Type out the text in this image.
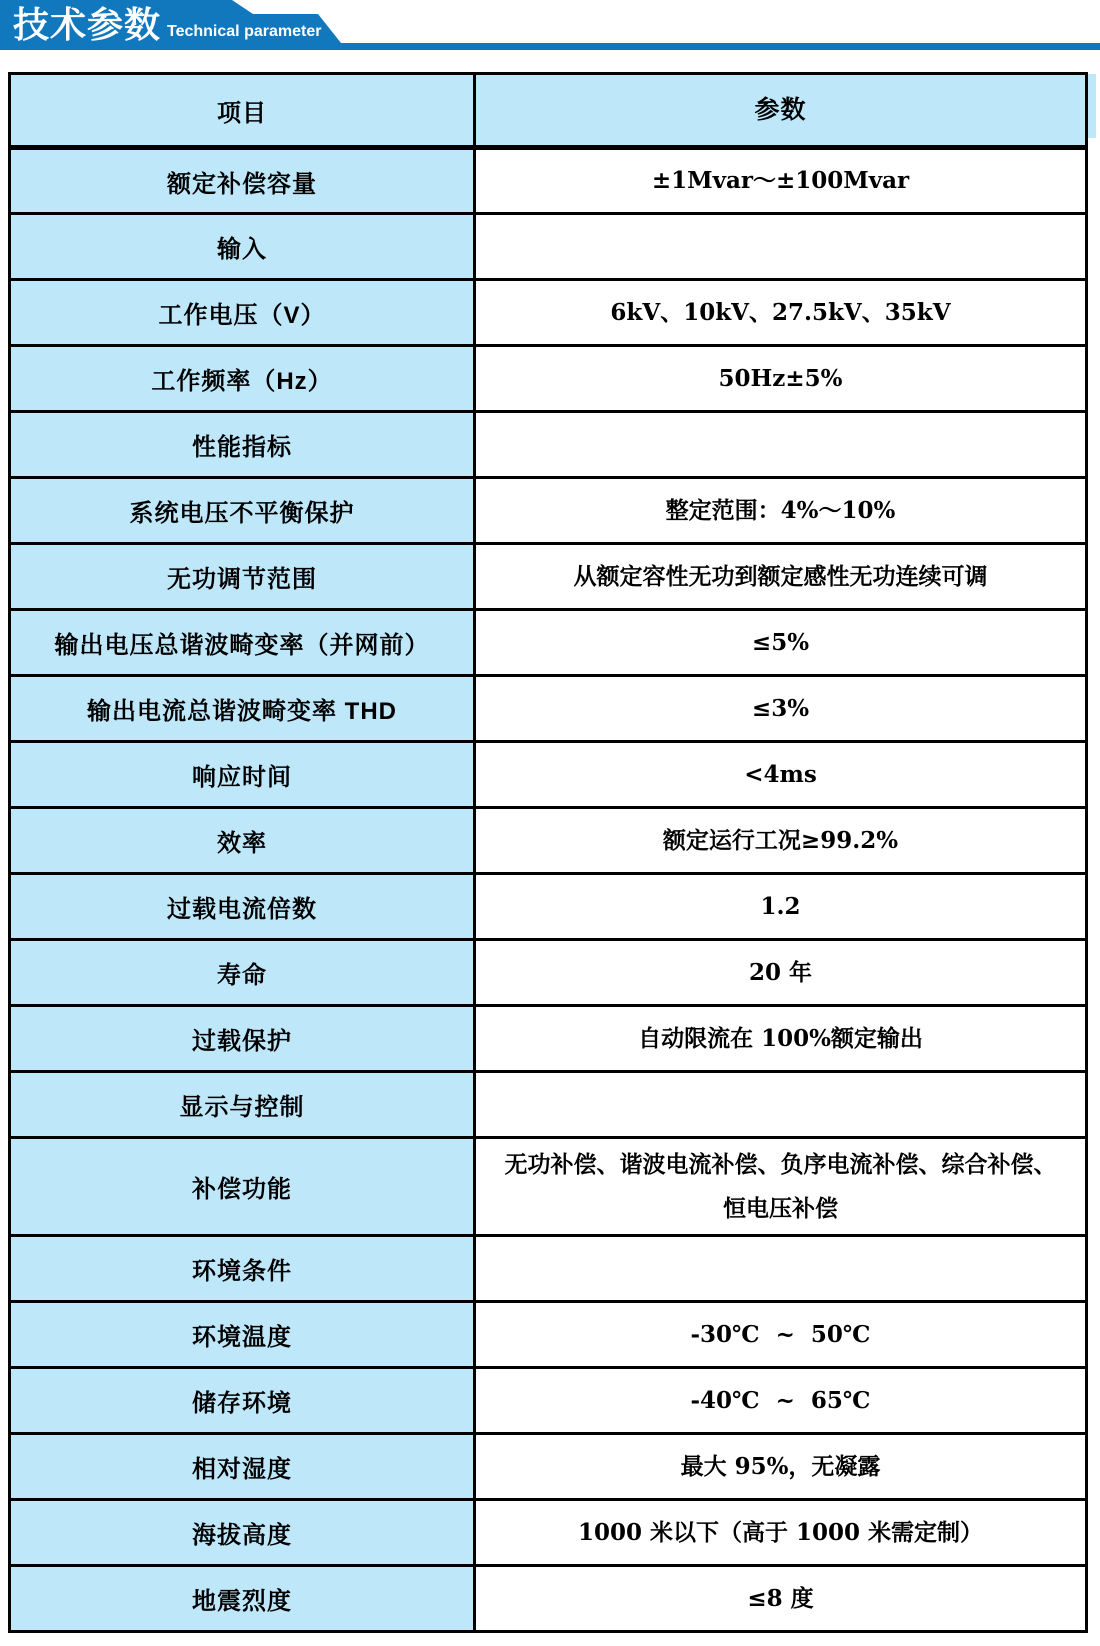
技术参数 Technical parameter
项目	参数
额定补偿容量	±1Mvar～±100Mvar
输入	
工作电压（V）	6kV、10kV、27.5kV、35kV
工作频率（Hz）	50Hz±5%
性能指标	
系统电压不平衡保护	整定范围：4%～10%
无功调节范围	从额定容性无功到额定感性无功连续可调
输出电压总谐波畸变率（并网前）	≤5%
输出电流总谐波畸变率 THD	≤3%
响应时间	<4ms
效率	额定运行工况≥99.2%
过载电流倍数	1.2
寿命	20 年
过载保护	自动限流在 100%额定输出
显示与控制	
补偿功能	无功补偿、谐波电流补偿、负序电流补偿、综合补偿、恒电压补偿
环境条件	
环境温度	-30℃  ~  50℃
储存环境	-40℃  ~  65℃
相对湿度	最大 95%，无凝露
海拔高度	1000 米以下（高于 1000 米需定制）
地震烈度	≤8 度
